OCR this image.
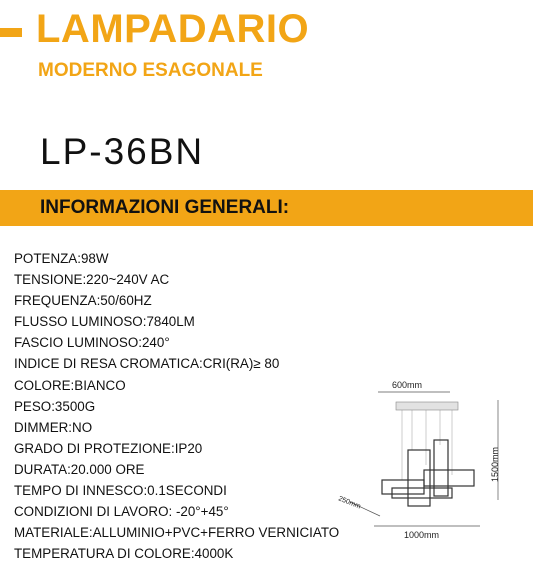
LAMPADARIO
MODERNO ESAGONALE
LP-36BN
INFORMAZIONI GENERALI:
POTENZA:98W
TENSIONE:220~240V AC
FREQUENZA:50/60HZ
FLUSSO LUMINOSO:7840LM
FASCIO LUMINOSO:240°
INDICE DI RESA CROMATICA:CRI(RA)≥ 80
COLORE:BIANCO
PESO:3500G
DIMMER:NO
GRADO DI PROTEZIONE:IP20
DURATA:20.000 ORE
TEMPO DI INNESCO:0.1SECONDI
CONDIZIONI DI LAVORO: -20°+45°
MATERIALE:ALLUMINIO+PVC+FERRO VERNICIATO
TEMPERATURA DI COLORE:4000K
600mm
1500mm
250mm
1000mm
